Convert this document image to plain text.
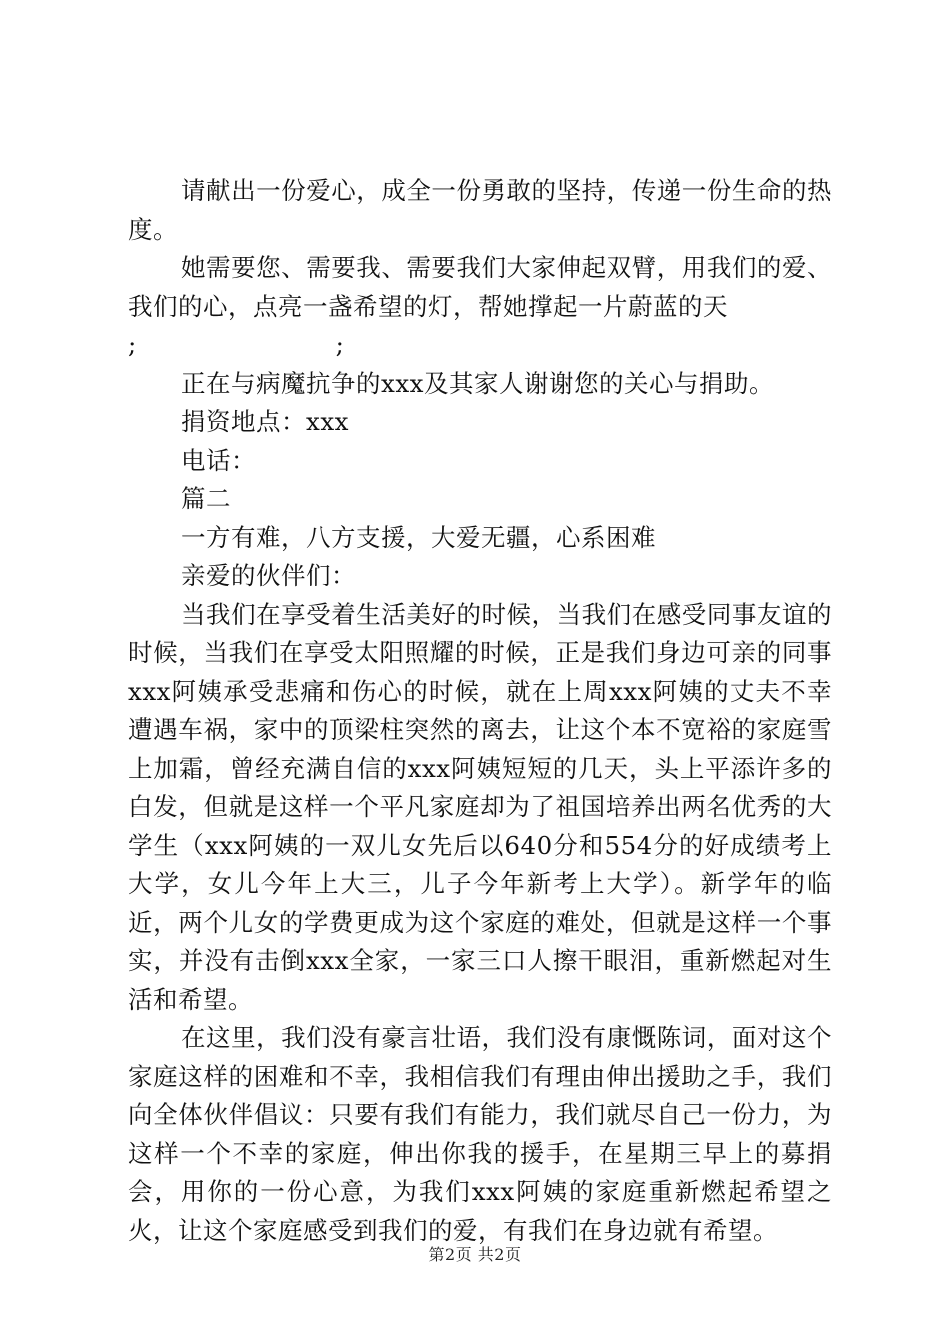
请献出一份爱心，成全一份勇敢的坚持，传递一份生命的热度。

她需要您、需要我、需要我们大家伸起双臂，用我们的爱、我们的心，点亮一盏希望的灯，帮她撑起一片蔚蓝的天

;                        ;

正在与病魔抗争的xxx及其家人谢谢您的关心与捐助。

捐资地点：xxx

电话：

篇二

一方有难，八方支援，大爱无疆，心系困难

亲爱的伙伴们：

当我们在享受着生活美好的时候，当我们在感受同事友谊的时候，当我们在享受太阳照耀的时候，正是我们身边可亲的同事xxx阿姨承受悲痛和伤心的时候，就在上周xxx阿姨的丈夫不幸遭遇车祸，家中的顶梁柱突然的离去，让这个本不宽裕的家庭雪上加霜，曾经充满自信的xxx阿姨短短的几天，头上平添许多的白发，但就是这样一个平凡家庭却为了祖国培养出两名优秀的大学生（xxx阿姨的一双儿女先后以640分和554分的好成绩考上大学，女儿今年上大三，儿子今年新考上大学）。新学年的临近，两个儿女的学费更成为这个家庭的难处，但就是这样一个事实，并没有击倒xxx全家，一家三口人擦干眼泪，重新燃起对生活和希望。

在这里，我们没有豪言壮语，我们没有康慨陈词，面对这个家庭这样的困难和不幸，我相信我们有理由伸出援助之手，我们向全体伙伴倡议：只要有我们有能力，我们就尽自己一份力，为这样一个不幸的家庭，伸出你我的援手，在星期三早上的募捐会，用你的一份心意，为我们xxx阿姨的家庭重新燃起希望之火，让这个家庭感受到我们的爱，有我们在身边就有希望。

第2页 共2页
